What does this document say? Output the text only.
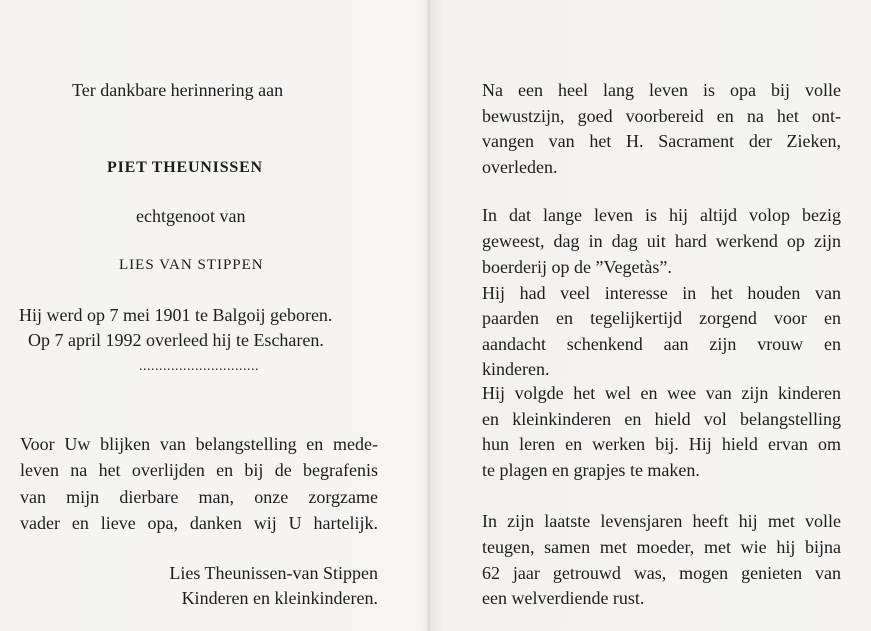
Ter dankbare herinnering aan
PIET THEUNISSEN
echtgenoot van
LIES VAN STIPPEN
Hij werd op 7 mei 1901 te Balgoij geboren.
Op 7 april 1992 overleed hij te Escharen.
..............................
Voor Uw blijken van belangstelling en mede-
leven na het overlijden en bij de begrafenis
van mijn dierbare man, onze zorgzame
vader en lieve opa, danken wij U hartelijk.
Lies Theunissen-van Stippen
Kinderen en kleinkinderen.
Na een heel lang leven is opa bij volle
bewustzijn, goed voorbereid en na het ont-
vangen van het H. Sacrament der Zieken,
overleden.
In dat lange leven is hij altijd volop bezig
geweest, dag in dag uit hard werkend op zijn
boerderij op de ”Vegetàs”.
Hij had veel interesse in het houden van
paarden en tegelijkertijd zorgend voor en
aandacht schenkend aan zijn vrouw en
kinderen.
Hij volgde het wel en wee van zijn kinderen
en kleinkinderen en hield vol belangstelling
hun leren en werken bij. Hij hield ervan om
te plagen en grapjes te maken.
In zijn laatste levensjaren heeft hij met volle
teugen, samen met moeder, met wie hij bijna
62 jaar getrouwd was, mogen genieten van
een welverdiende rust.
